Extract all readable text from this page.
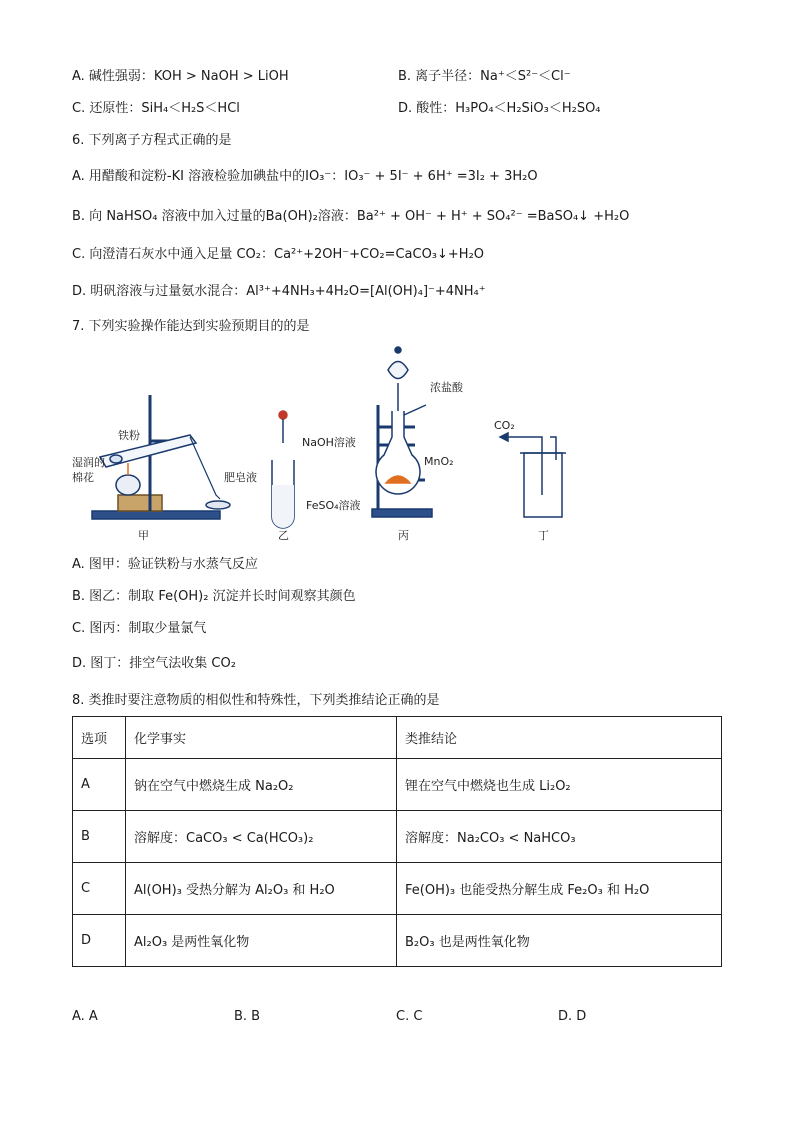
A. 碱性强弱：KOH > NaOH > LiOH	B. 离子半径：Na⁺＜S²⁻＜Cl⁻
C. 还原性：SiH₄＜H₂S＜HCl	D. 酸性：H₃PO₄＜H₂SiO₃＜H₂SO₄
6. 下列离子方程式正确的是
A. 用醋酸和淀粉-KI 溶液检验加碘盐中的IO₃⁻：IO₃⁻ + 5I⁻ + 6H⁺ =3I₂ + 3H₂O
B. 向 NaHSO₄ 溶液中加入过量的Ba(OH)₂溶液：Ba²⁺ + OH⁻ + H⁺ + SO₄²⁻ =BaSO₄↓ +H₂O
C. 向澄清石灰水中通入足量 CO₂：Ca²⁺+2OH⁻+CO₂=CaCO₃↓+H₂O
D. 明矾溶液与过量氨水混合：Al³⁺+4NH₃+4H₂O=[Al(OH)₄]⁻+4NH₄⁺
7. 下列实验操作能达到实验预期目的的是
铁粉
湿润的
棉花	肥皂液
甲
NaOH溶液
FeSO₄溶液
乙
浓盐酸
MnO₂
丙
CO₂
丁
A. 图甲：验证铁粉与水蒸气反应
B. 图乙：制取 Fe(OH)₂ 沉淀并长时间观察其颜色
C. 图丙：制取少量氯气
D. 图丁：排空气法收集 CO₂
8. 类推时要注意物质的相似性和特殊性，下列类推结论正确的是
选项	化学事实	类推结论
A	钠在空气中燃烧生成 Na₂O₂	锂在空气中燃烧也生成 Li₂O₂
B	溶解度：CaCO₃ < Ca(HCO₃)₂	溶解度：Na₂CO₃ < NaHCO₃
C	Al(OH)₃ 受热分解为 Al₂O₃ 和 H₂O	Fe(OH)₃ 也能受热分解生成 Fe₂O₃ 和 H₂O
D	Al₂O₃ 是两性氧化物	B₂O₃ 也是两性氧化物
A. A	B. B	C. C	D. D
